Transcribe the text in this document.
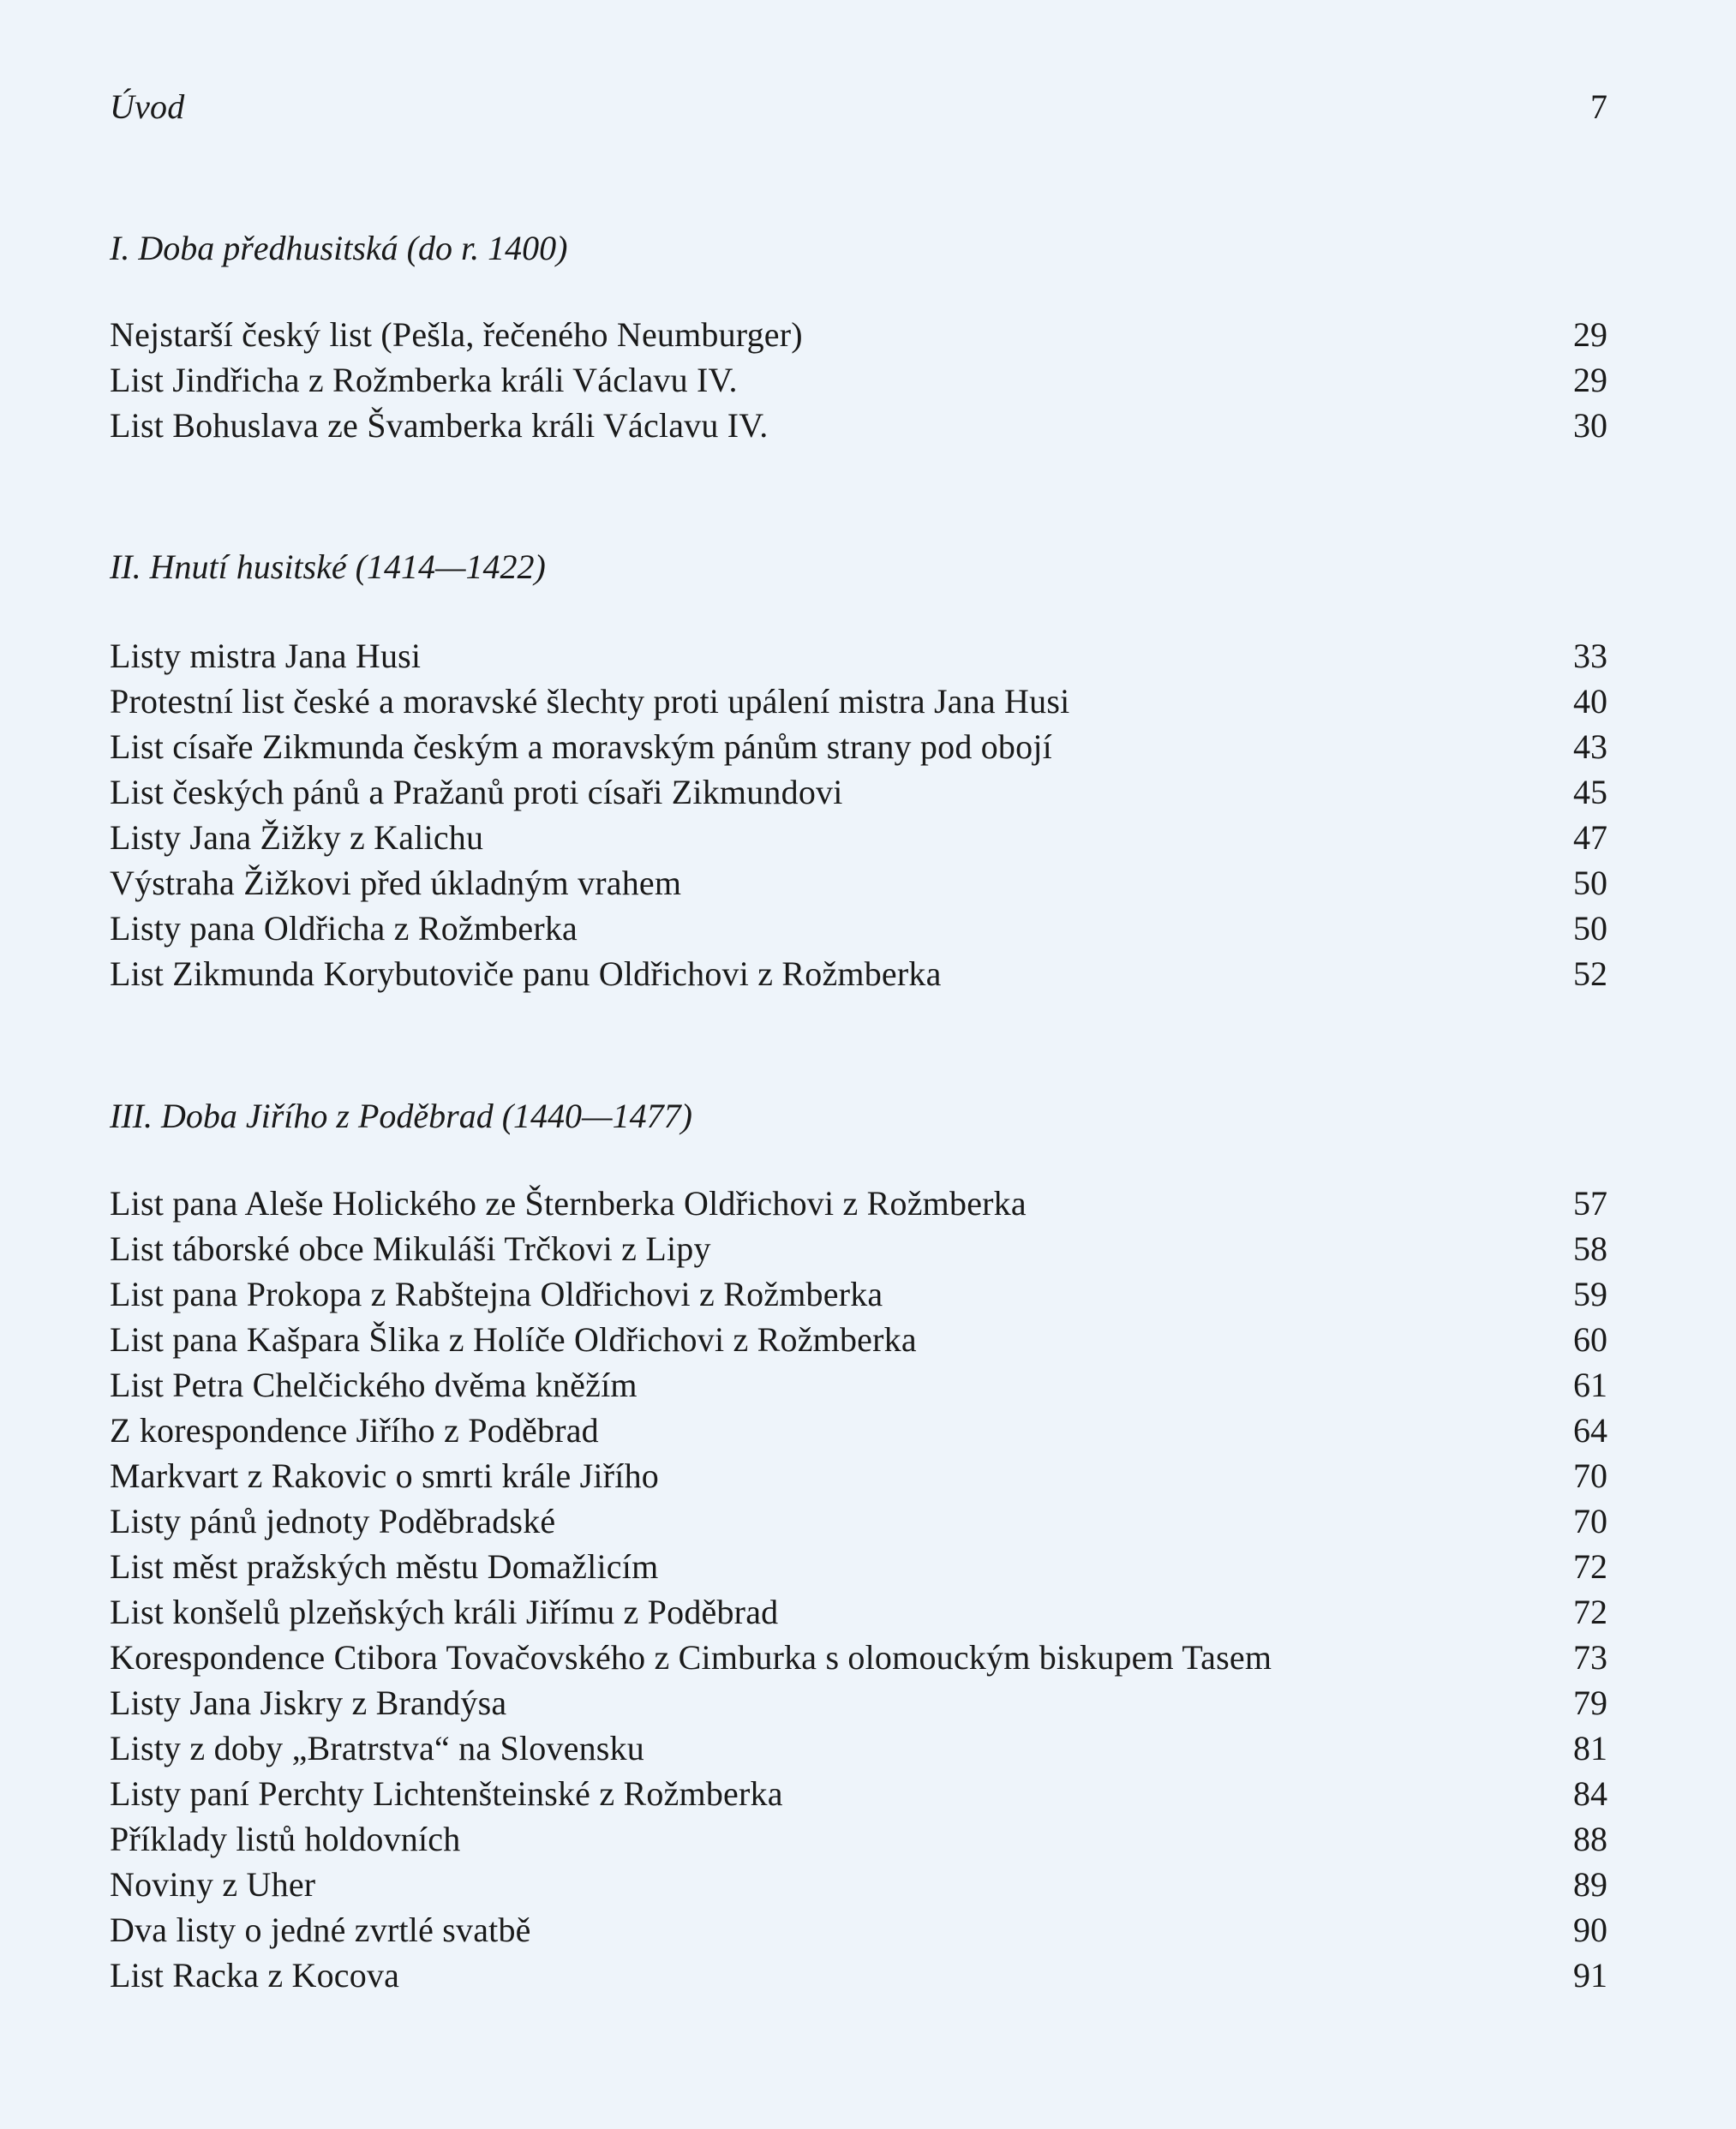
Úvod	7
I. Doba předhusitská (do r. 1400)
Nejstarší český list (Pešla, řečeného Neumburger)	29
List Jindřicha z Rožmberka králi Václavu IV.	29
List Bohuslava ze Švamberka králi Václavu IV.	30
II. Hnutí husitské (1414—1422)
Listy mistra Jana Husi	33
Protestní list české a moravské šlechty proti upálení mistra Jana Husi	40
List císaře Zikmunda českým a moravským pánům strany pod obojí	43
List českých pánů a Pražanů proti císaři Zikmundovi	45
Listy Jana Žižky z Kalichu	47
Výstraha Žižkovi před úkladným vrahem	50
Listy pana Oldřicha z Rožmberka	50
List Zikmunda Korybutoviče panu Oldřichovi z Rožmberka	52
III. Doba Jiřího z Poděbrad (1440—1477)
List pana Aleše Holického ze Šternberka Oldřichovi z Rožmberka	57
List táborské obce Mikuláši Trčkovi z Lipy	58
List pana Prokopa z Rabštejna Oldřichovi z Rožmberka	59
List pana Kašpara Šlika z Holíče Oldřichovi z Rožmberka	60
List Petra Chelčického dvěma kněžím	61
Z korespondence Jiřího z Poděbrad	64
Markvart z Rakovic o smrti krále Jiřího	70
Listy pánů jednoty Poděbradské	70
List měst pražských městu Domažlicím	72
List konšelů plzeňských králi Jiřímu z Poděbrad	72
Korespondence Ctibora Tovačovského z Cimburka s olomouckým biskupem Tasem	73
Listy Jana Jiskry z Brandýsa	79
Listy z doby „Bratrstva“ na Slovensku	81
Listy paní Perchty Lichtenšteinské z Rožmberka	84
Příklady listů holdovních	88
Noviny z Uher	89
Dva listy o jedné zvrtlé svatbě	90
List Racka z Kocova	91
